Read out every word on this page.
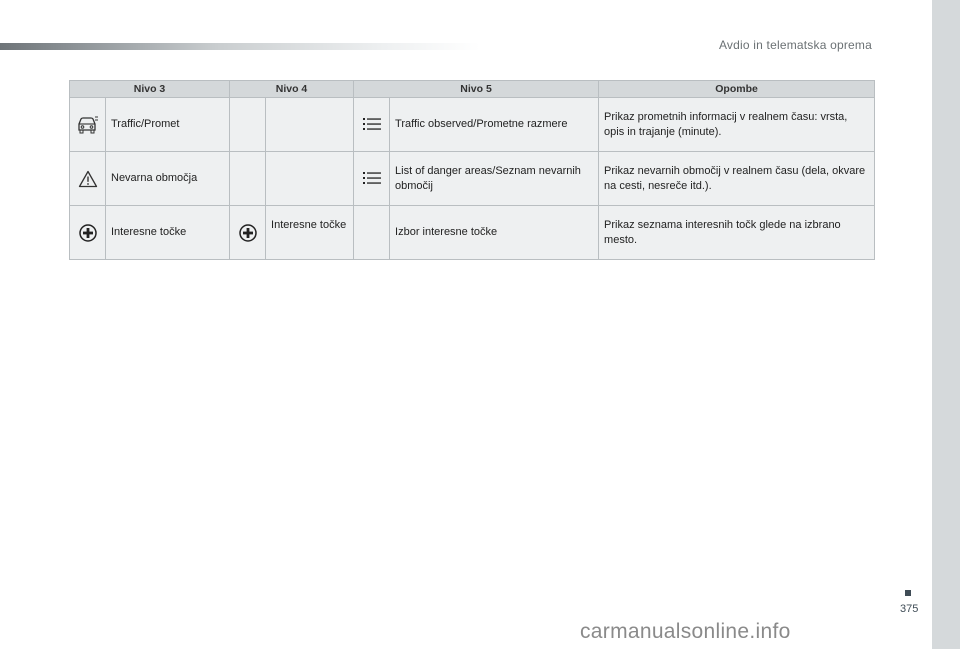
Avdio in telematska oprema
Nivo 3		Nivo 4		Nivo 5		Opombe

	Traffic/Promet				Traffic observed/Prometne razmere	Prikaz prometnih informacij v realnem času: vrsta, opis in trajanje (minute).

	Nevarna območja				List of danger areas/Seznam nevarnih območij	Prikaz nevarnih območij v realnem času (dela, okvare na cesti, nesreče itd.).

	Interesne točke		Interesne točke		Izbor interesne točke	Prikaz seznama interesnih točk glede na izbrano mesto.
375
carmanualsonline.info
